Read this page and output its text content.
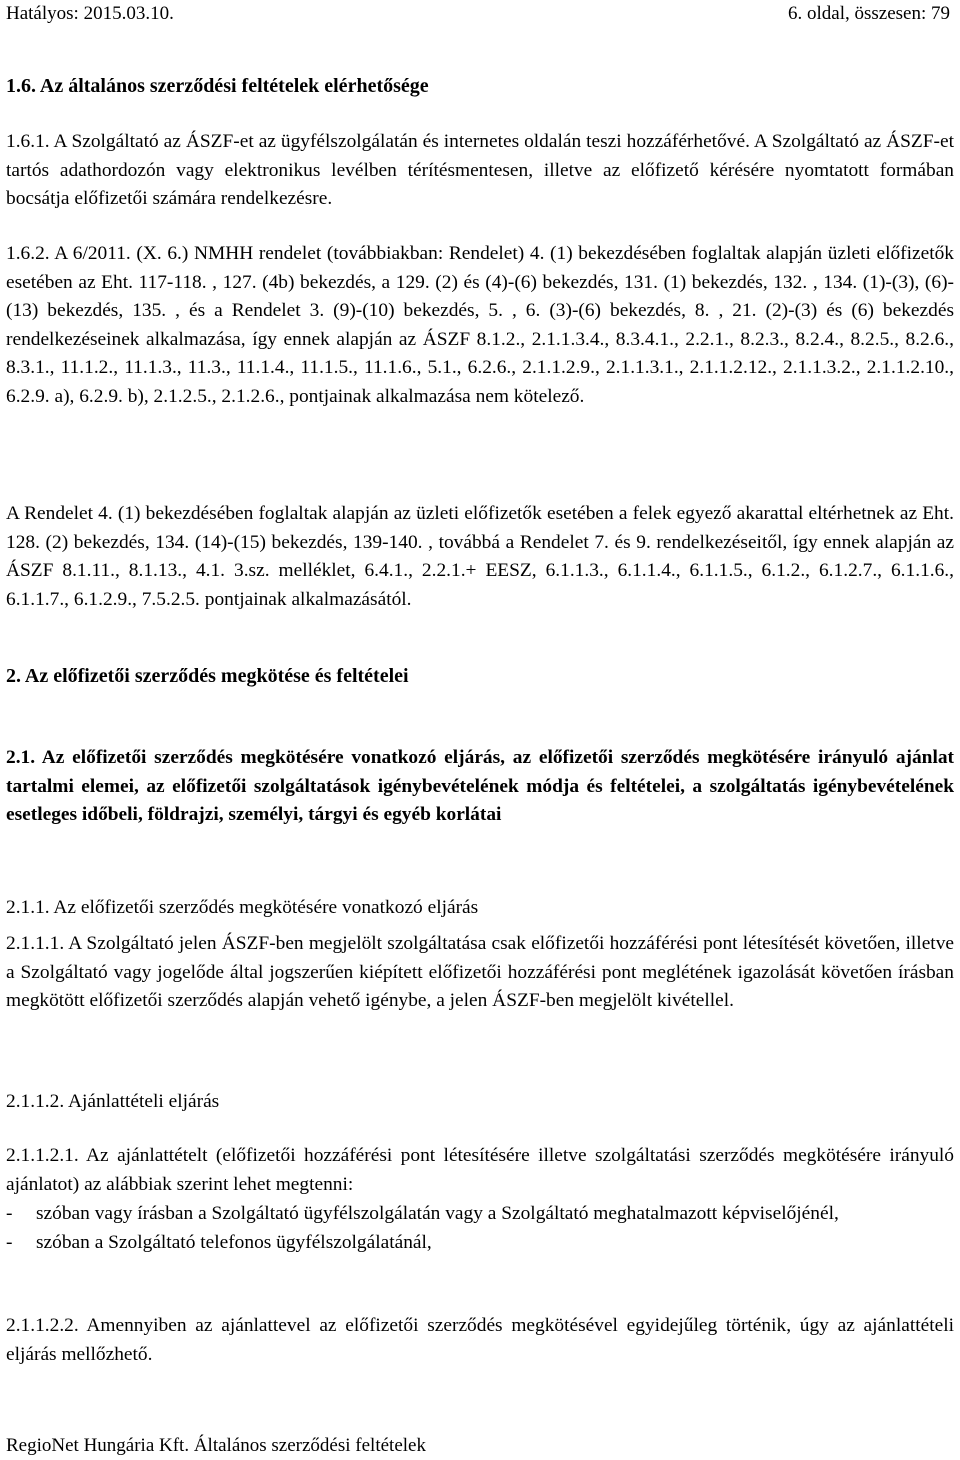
Hatályos: 2015.03.10.	6. oldal, összesen: 79

1.6. Az általános szerződési feltételek elérhetősége

1.6.1. A Szolgáltató az ÁSZF-et az ügyfélszolgálatán és internetes oldalán teszi hozzáférhetővé. A Szolgáltató az ÁSZF-et tartós adathordozón vagy elektronikus levélben térítésmentesen, illetve az előfizető kérésére nyomtatott formában bocsátja előfizetői számára rendelkezésre.

1.6.2. A 6/2011. (X. 6.) NMHH rendelet (továbbiakban: Rendelet) 4. (1) bekezdésében foglaltak alapján üzleti előfizetők esetében az Eht. 117-118. , 127. (4b) bekezdés, a 129. (2) és (4)-(6) bekezdés, 131. (1) bekezdés, 132. , 134. (1)-(3), (6)-(13) bekezdés, 135. , és a Rendelet 3. (9)-(10) bekezdés, 5. , 6. (3)-(6) bekezdés, 8. , 21. (2)-(3) és (6) bekezdés rendelkezéseinek alkalmazása, így ennek alapján az ÁSZF 8.1.2., 2.1.1.3.4., 8.3.4.1., 2.2.1., 8.2.3., 8.2.4., 8.2.5., 8.2.6., 8.3.1., 11.1.2., 11.1.3., 11.3., 11.1.4., 11.1.5., 11.1.6., 5.1., 6.2.6., 2.1.1.2.9., 2.1.1.3.1., 2.1.1.2.12., 2.1.1.3.2., 2.1.1.2.10., 6.2.9. a), 6.2.9. b), 2.1.2.5., 2.1.2.6., pontjainak alkalmazása nem kötelező.

A Rendelet 4. (1) bekezdésében foglaltak alapján az üzleti előfizetők esetében a felek egyező akarattal eltérhetnek az Eht. 128. (2) bekezdés, 134. (14)-(15) bekezdés, 139-140. , továbbá a Rendelet 7. és 9. rendelkezéseitől, így ennek alapján az ÁSZF 8.1.11., 8.1.13., 4.1. 3.sz. melléklet, 6.4.1., 2.2.1.+ EESZ, 6.1.1.3., 6.1.1.4., 6.1.1.5., 6.1.2., 6.1.2.7., 6.1.1.6., 6.1.1.7., 6.1.2.9., 7.5.2.5. pontjainak alkalmazásától.

2. Az előfizetői szerződés megkötése és feltételei

2.1. Az előfizetői szerződés megkötésére vonatkozó eljárás, az előfizetői szerződés megkötésére irányuló ajánlat tartalmi elemei, az előfizetői szolgáltatások igénybevételének módja és feltételei, a szolgáltatás igénybevételének esetleges időbeli, földrajzi, személyi, tárgyi és egyéb korlátai

2.1.1. Az előfizetői szerződés megkötésére vonatkozó eljárás

2.1.1.1. A Szolgáltató jelen ÁSZF-ben megjelölt szolgáltatása csak előfizetői hozzáférési pont létesítését követően, illetve a Szolgáltató vagy jogelőde által jogszerűen kiépített előfizetői hozzáférési pont meglétének igazolását követően írásban megkötött előfizetői szerződés alapján vehető igénybe, a jelen ÁSZF-ben megjelölt kivétellel.

2.1.1.2. Ajánlattételi eljárás

2.1.1.2.1. Az ajánlattételt (előfizetői hozzáférési pont létesítésére illetve szolgáltatási szerződés megkötésére irányuló ajánlatot) az alábbiak szerint lehet megtenni:

- szóban vagy írásban a Szolgáltató ügyfélszolgálatán vagy a Szolgáltató meghatalmazott képviselőjénél,
- szóban a Szolgáltató telefonos ügyfélszolgálatánál,

2.1.1.2.2. Amennyiben az ajánlattevel az előfizetői szerződés megkötésével egyidejűleg történik, úgy az ajánlattételi eljárás mellőzhető.

RegioNet Hungária Kft. Általános szerződési feltételek
